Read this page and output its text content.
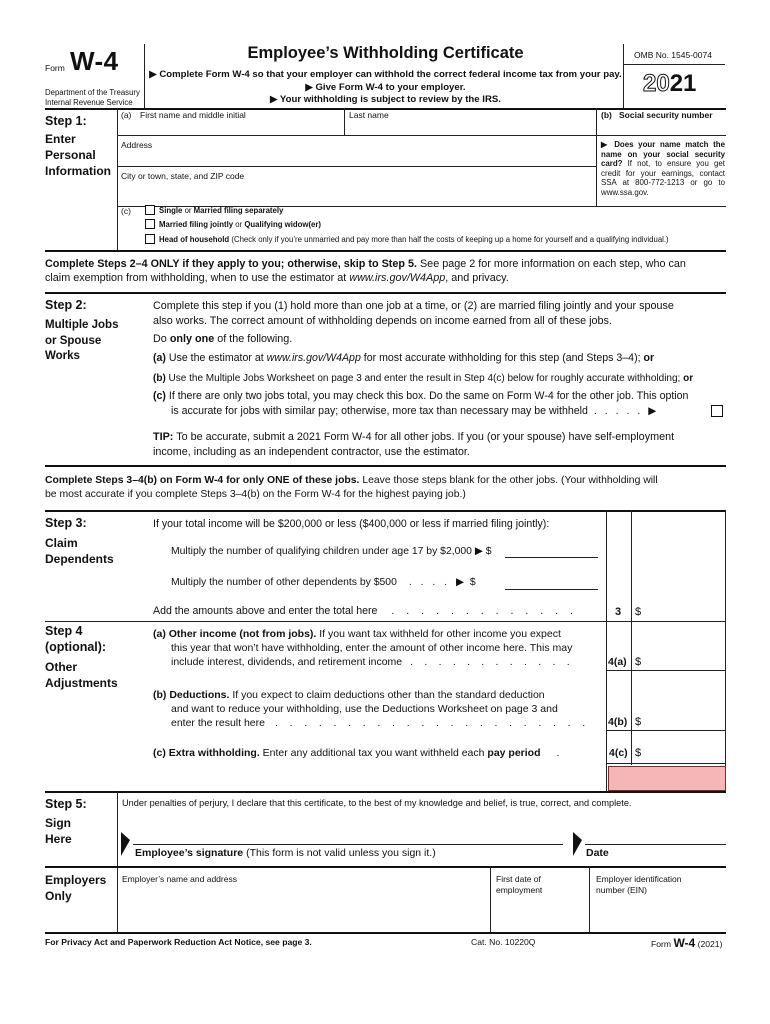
Form W-4
Department of the Treasury
Internal Revenue Service
Employee’s Withholding Certificate
▶ Complete Form W-4 so that your employer can withhold the correct federal income tax from your pay.
▶ Give Form W-4 to your employer.
▶ Your withholding is subject to review by the IRS.
OMB No. 1545-0074
2021
Step 1:
Enter
Personal
Information
(a) First name and middle initial	Last name	(b) Social security number
Address
City or town, state, and ZIP code
▶ Does your name match the name on your social security card? If not, to ensure you get credit for your earnings, contact SSA at 800-772-1213 or go to www.ssa.gov.
(c)	Single or Married filing separately
Married filing jointly or Qualifying widow(er)
Head of household (Check only if you’re unmarried and pay more than half the costs of keeping up a home for yourself and a qualifying individual.)
Complete Steps 2–4 ONLY if they apply to you; otherwise, skip to Step 5. See page 2 for more information on each step, who can
claim exemption from withholding, when to use the estimator at www.irs.gov/W4App, and privacy.
Step 2:
Multiple Jobs
or Spouse
Works
Complete this step if you (1) hold more than one job at a time, or (2) are married filing jointly and your spouse
also works. The correct amount of withholding depends on income earned from all of these jobs.
Do only one of the following.
(a) Use the estimator at www.irs.gov/W4App for most accurate withholding for this step (and Steps 3–4); or
(b) Use the Multiple Jobs Worksheet on page 3 and enter the result in Step 4(c) below for roughly accurate withholding; or
(c) If there are only two jobs total, you may check this box. Do the same on Form W-4 for the other job. This option
is accurate for jobs with similar pay; otherwise, more tax than necessary may be withheld . . . . . ▶
TIP: To be accurate, submit a 2021 Form W-4 for all other jobs. If you (or your spouse) have self-employment
income, including as an independent contractor, use the estimator.
Complete Steps 3–4(b) on Form W-4 for only ONE of these jobs. Leave those steps blank for the other jobs. (Your withholding will
be most accurate if you complete Steps 3–4(b) on the Form W-4 for the highest paying job.)
Step 3:
Claim
Dependents
If your total income will be $200,000 or less ($400,000 or less if married filing jointly):
Multiply the number of qualifying children under age 17 by $2,000 ▶ $
Multiply the number of other dependents by $500 . . . . ▶ $
Add the amounts above and enter the total here . . . . . . . . . . . . .	3 $
Step 4
(optional):
Other
Adjustments
(a) Other income (not from jobs). If you want tax withheld for other income you expect
this year that won’t have withholding, enter the amount of other income here. This may
include interest, dividends, and retirement income . . . . . . . . . . . .	4(a) $
(b) Deductions. If you expect to claim deductions other than the standard deduction
and want to reduce your withholding, use the Deductions Worksheet on page 3 and
enter the result here . . . . . . . . . . . . . . . . . . . . . . 4(b) $
(c) Extra withholding. Enter any additional tax you want withheld each pay period .	4(c) $
Step 5:
Sign
Here
Under penalties of perjury, I declare that this certificate, to the best of my knowledge and belief, is true, correct, and complete.
Employee’s signature (This form is not valid unless you sign it.)	Date
Employers
Only
Employer’s name and address	First date of
employment
Employer identification
number (EIN)
For Privacy Act and Paperwork Reduction Act Notice, see page 3.	Cat. No. 10220Q	Form W-4 (2021)
